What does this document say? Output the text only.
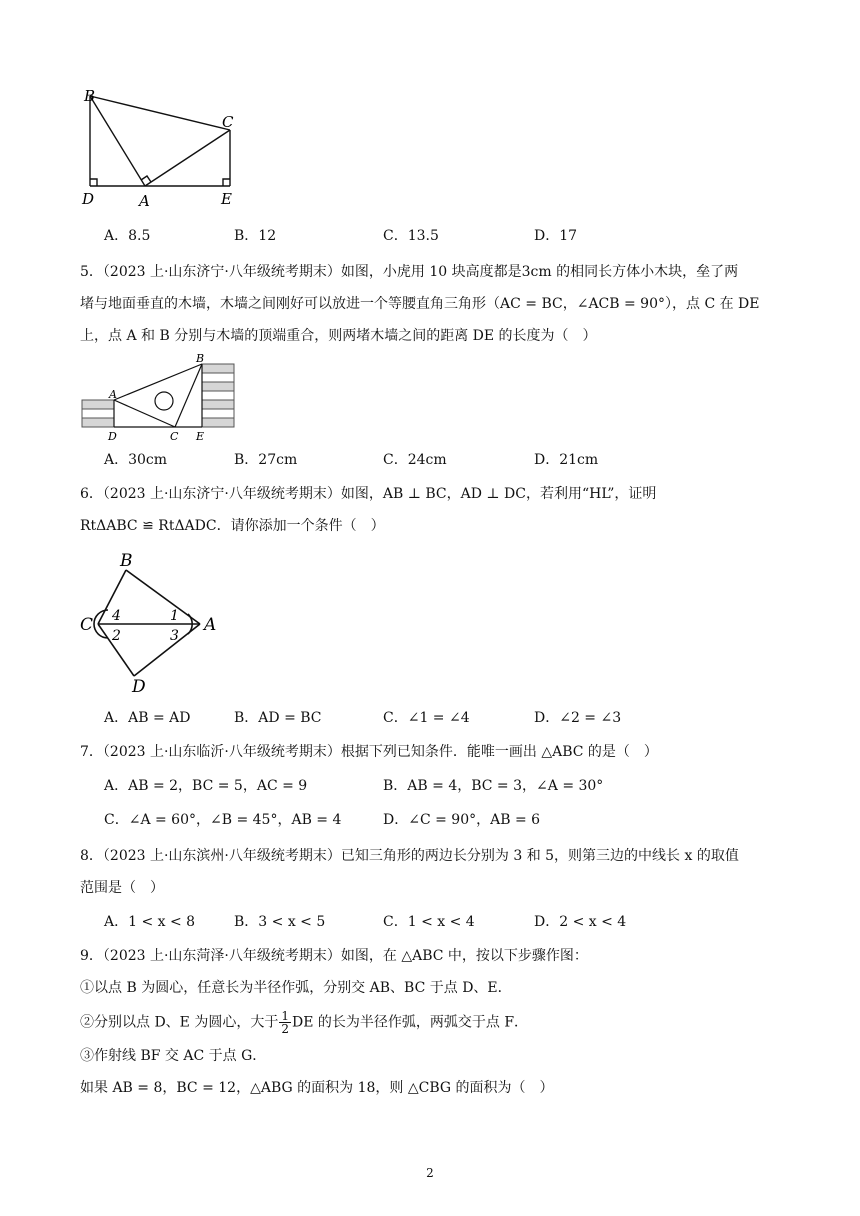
B
C
D	A	E
A．8.5	B．12	C．13.5	D．17
5．（2023 上·山东济宁·八年级统考期末）如图，小虎用 10 块高度都是3cm 的相同长方体小木块，垒了两
堵与地面垂直的木墙，木墙之间刚好可以放进一个等腰直角三角形（AC = BC，∠ACB = 90°），点 C 在 DE
上，点 A 和 B 分别与木墙的顶端重合，则两堵木墙之间的距离 DE 的长度为（　）
A
B
D	C E
A．30cm	B．27cm	C．24cm	D．21cm
6．（2023 上·山东济宁·八年级统考期末）如图，AB ⊥ BC，AD ⊥ DC，若利用“HL”，证明
RtΔABC ≌ RtΔADC．请你添加一个条件（　）
B
C	A
D
4
2
1
3
A．AB = AD	B．AD = BC	C．∠1 = ∠4	D．∠2 = ∠3
7．（2023 上·山东临沂·八年级统考期末）根据下列已知条件．能唯一画出 △ABC 的是（　）
A．AB = 2，BC = 5，AC = 9	B．AB = 4，BC = 3，∠A = 30°
C．∠A = 60°，∠B = 45°，AB = 4	D．∠C = 90°，AB = 6
8．（2023 上·山东滨州·八年级统考期末）已知三角形的两边长分别为 3 和 5，则第三边的中线长 x 的取值
范围是（　）
A．1 < x < 8	B．3 < x < 5	C．1 < x < 4	D．2 < x < 4
9．（2023 上·山东菏泽·八年级统考期末）如图，在 △ABC 中，按以下步骤作图：
①以点 B 为圆心，任意长为半径作弧，分别交 AB、BC 于点 D、E．
②分别以点 D、E 为圆心，大于 $\frac{1}{2}$ DE 的长为半径作弧，两弧交于点 F．
③作射线 BF 交 AC 于点 G．
如果 AB = 8，BC = 12，△ABG 的面积为 18，则 △CBG 的面积为（　）
2
